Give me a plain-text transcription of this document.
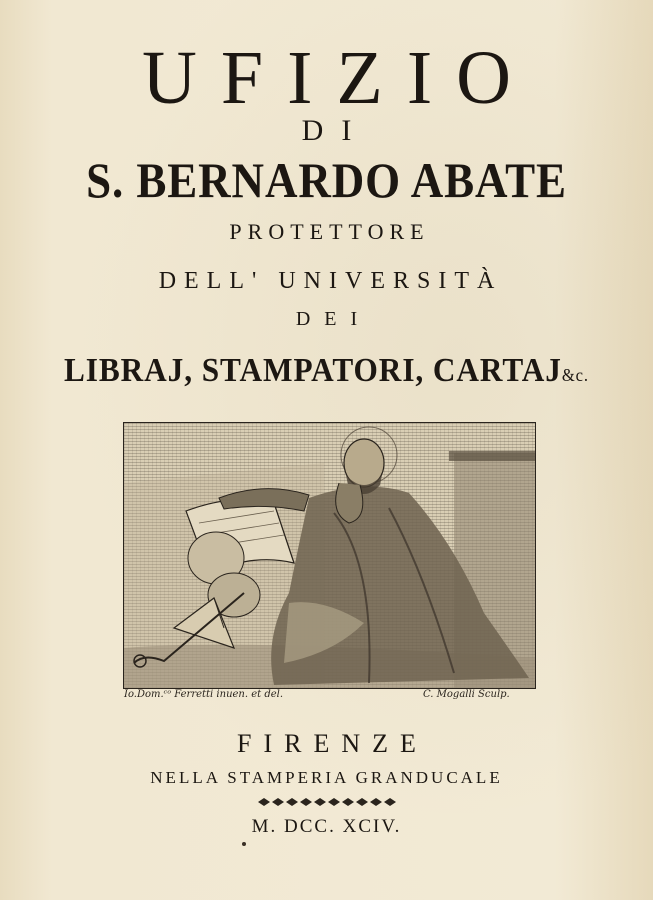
UFIZIO
DI
S. BERNARDO ABATE
PROTETTORE
DELL' UNIVERSITÀ
DEI
LIBRAJ, STAMPATORI, CARTAJ&c.
Io.Dom.ᶜᵒ Ferretti inuen. et del.	C. Mogalli Sculp.
FIRENZE
NELLA STAMPERIA GRANDUCALE
M. DCC. XCIV.
